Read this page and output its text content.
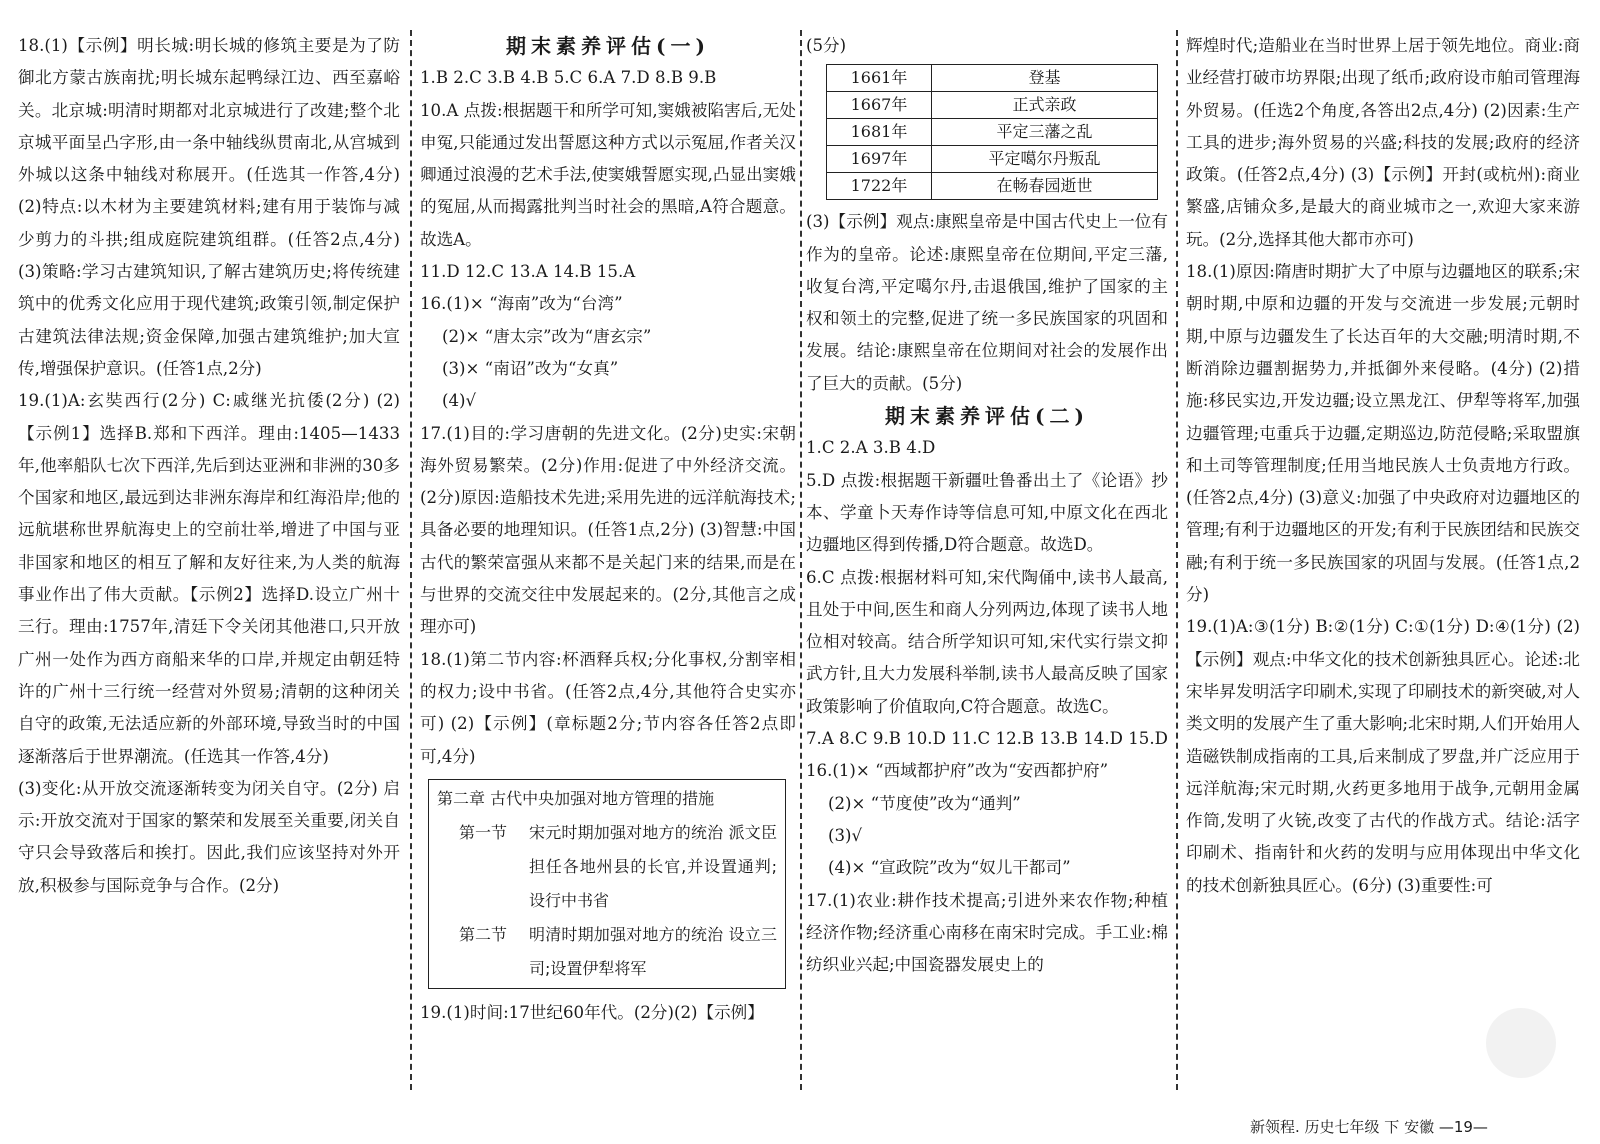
18.(1)【示例】明长城:明长城的修筑主要是为了防御北方蒙古族南扰;明长城东起鸭绿江边、西至嘉峪关。北京城:明清时期都对北京城进行了改建;整个北京城平面呈凸字形,由一条中轴线纵贯南北,从宫城到外城以这条中轴线对称展开。(任选其一作答,4分) (2)特点:以木材为主要建筑材料;建有用于装饰与减少剪力的斗拱;组成庭院建筑组群。(任答2点,4分) (3)策略:学习古建筑知识,了解古建筑历史;将传统建筑中的优秀文化应用于现代建筑;政策引领,制定保护古建筑法律法规;资金保障,加强古建筑维护;加大宣传,增强保护意识。(任答1点,2分)

19.(1)A:玄奘西行(2分) C:戚继光抗倭(2分) (2)【示例1】选择B.郑和下西洋。理由:1405—1433年,他率船队七次下西洋,先后到达亚洲和非洲的30多个国家和地区,最远到达非洲东海岸和红海沿岸;他的远航堪称世界航海史上的空前壮举,增进了中国与亚非国家和地区的相互了解和友好往来,为人类的航海事业作出了伟大贡献。【示例2】选择D.设立广州十三行。理由:1757年,清廷下令关闭其他港口,只开放广州一处作为西方商船来华的口岸,并规定由朝廷特许的广州十三行统一经营对外贸易;清朝的这种闭关自守的政策,无法适应新的外部环境,导致当时的中国逐渐落后于世界潮流。(任选其一作答,4分)

(3)变化:从开放交流逐渐转变为闭关自守。(2分) 启示:开放交流对于国家的繁荣和发展至关重要,闭关自守只会导致落后和挨打。因此,我们应该坚持对外开放,积极参与国际竞争与合作。(2分)

期末素养评估(一)

1.B 2.C 3.B 4.B 5.C 6.A 7.D 8.B 9.B

10.A 点拨:根据题干和所学可知,窦娥被陷害后,无处申冤,只能通过发出誓愿这种方式以示冤屈,作者关汉卿通过浪漫的艺术手法,使窦娥誓愿实现,凸显出窦娥的冤屈,从而揭露批判当时社会的黑暗,A符合题意。故选A。

11.D 12.C 13.A 14.B 15.A

16.(1)× “海南”改为“台湾”

(2)× “唐太宗”改为“唐玄宗”

(3)× “南诏”改为“女真”

(4)√

17.(1)目的:学习唐朝的先进文化。(2分)史实:宋朝海外贸易繁荣。(2分)作用:促进了中外经济交流。(2分)原因:造船技术先进;采用先进的远洋航海技术;具备必要的地理知识。(任答1点,2分) (3)智慧:中国古代的繁荣富强从来都不是关起门来的结果,而是在与世界的交流交往中发展起来的。(2分,其他言之成理亦可)

18.(1)第二节内容:杯酒释兵权;分化事权,分割宰相的权力;设中书省。(任答2点,4分,其他符合史实亦可) (2)【示例】(章标题2分;节内容各任答2点即可,4分)

第二章 古代中央加强对地方管理的措施
第一节	宋元时期加强对地方的统治 派文臣担任各地州县的长官,并设置通判;设行中书省
第二节	明清时期加强对地方的统治 设立三司;设置伊犁将军

19.(1)时间:17世纪60年代。(2分)(2)【示例】

(5分)

1661年	登基
1667年	正式亲政
1681年	平定三藩之乱
1697年	平定噶尔丹叛乱
1722年	在畅春园逝世

(3)【示例】观点:康熙皇帝是中国古代史上一位有作为的皇帝。论述:康熙皇帝在位期间,平定三藩,收复台湾,平定噶尔丹,击退俄国,维护了国家的主权和领土的完整,促进了统一多民族国家的巩固和发展。结论:康熙皇帝在位期间对社会的发展作出了巨大的贡献。(5分)

期末素养评估(二)

1.C 2.A 3.B 4.D

5.D 点拨:根据题干新疆吐鲁番出土了《论语》抄本、学童卜天寿作诗等信息可知,中原文化在西北边疆地区得到传播,D符合题意。故选D。

6.C 点拨:根据材料可知,宋代陶俑中,读书人最高,且处于中间,医生和商人分列两边,体现了读书人地位相对较高。结合所学知识可知,宋代实行崇文抑武方针,且大力发展科举制,读书人最高反映了国家政策影响了价值取向,C符合题意。故选C。

7.A 8.C 9.B 10.D 11.C 12.B 13.B 14.D 15.D

16.(1)× “西域都护府”改为“安西都护府”

(2)× “节度使”改为“通判”

(3)√

(4)× “宣政院”改为“奴儿干都司”

17.(1)农业:耕作技术提高;引进外来农作物;种植经济作物;经济重心南移在南宋时完成。手工业:棉纺织业兴起;中国瓷器发展史上的

辉煌时代;造船业在当时世界上居于领先地位。商业:商业经营打破市坊界限;出现了纸币;政府设市舶司管理海外贸易。(任选2个角度,各答出2点,4分) (2)因素:生产工具的进步;海外贸易的兴盛;科技的发展;政府的经济政策。(任答2点,4分) (3)【示例】开封(或杭州):商业繁盛,店铺众多,是最大的商业城市之一,欢迎大家来游玩。(2分,选择其他大都市亦可)

18.(1)原因:隋唐时期扩大了中原与边疆地区的联系;宋朝时期,中原和边疆的开发与交流进一步发展;元朝时期,中原与边疆发生了长达百年的大交融;明清时期,不断消除边疆割据势力,并抵御外来侵略。(4分) (2)措施:移民实边,开发边疆;设立黑龙江、伊犁等将军,加强边疆管理;屯重兵于边疆,定期巡边,防范侵略;采取盟旗和土司等管理制度;任用当地民族人士负责地方行政。(任答2点,4分) (3)意义:加强了中央政府对边疆地区的管理;有利于边疆地区的开发;有利于民族团结和民族交融;有利于统一多民族国家的巩固与发展。(任答1点,2分)

19.(1)A:③(1分) B:②(1分) C:①(1分) D:④(1分) (2)【示例】观点:中华文化的技术创新独具匠心。论述:北宋毕昇发明活字印刷术,实现了印刷技术的新突破,对人类文明的发展产生了重大影响;北宋时期,人们开始用人造磁铁制成指南的工具,后来制成了罗盘,并广泛应用于远洋航海;宋元时期,火药更多地用于战争,元朝用金属作筒,发明了火铳,改变了古代的作战方式。结论:活字印刷术、指南针和火药的发明与应用体现出中华文化的技术创新独具匠心。(6分) (3)重要性:可

新领程. 历史七年级 下 安徽 —19—
